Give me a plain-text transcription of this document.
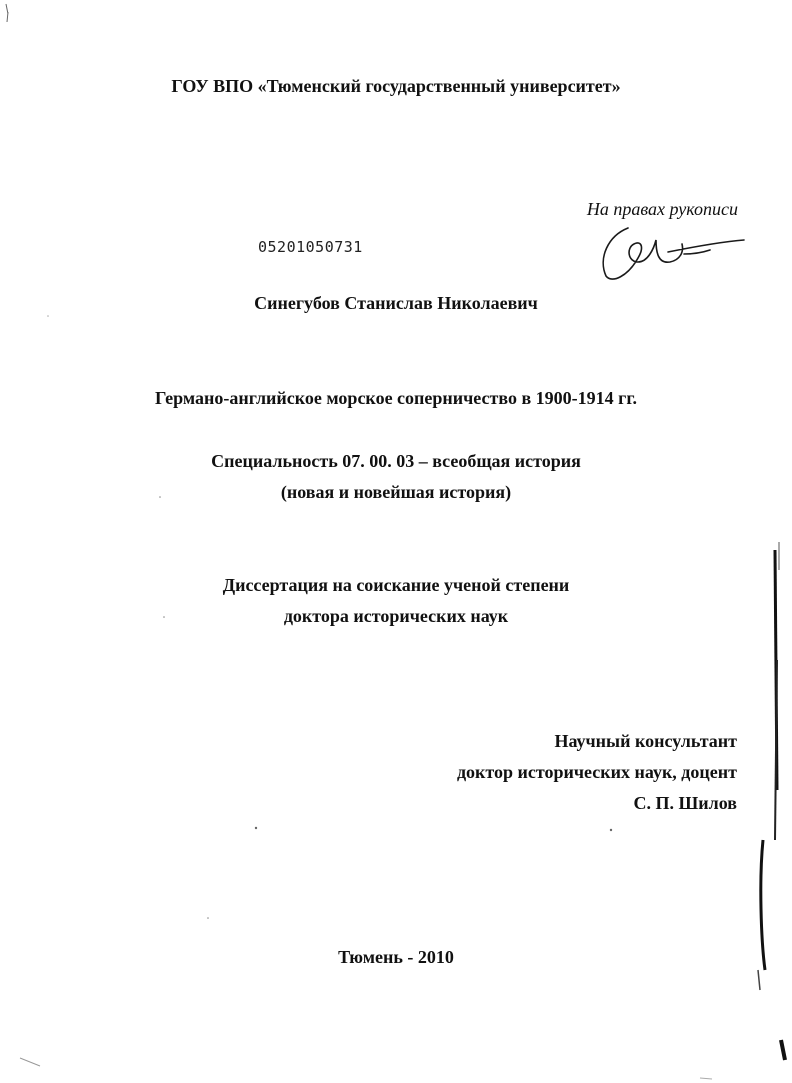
ГОУ ВПО «Тюменский государственный университет»
На правах рукописи
05201050731
Синегубов Станислав Николаевич
Германо-английское морское соперничество в 1900-1914 гг.
Специальность 07. 00. 03 – всеобщая история
(новая и новейшая история)
Диссертация на соискание ученой степени
доктора исторических наук
Научный консультант
доктор исторических наук, доцент
С. П. Шилов
Тюмень - 2010
